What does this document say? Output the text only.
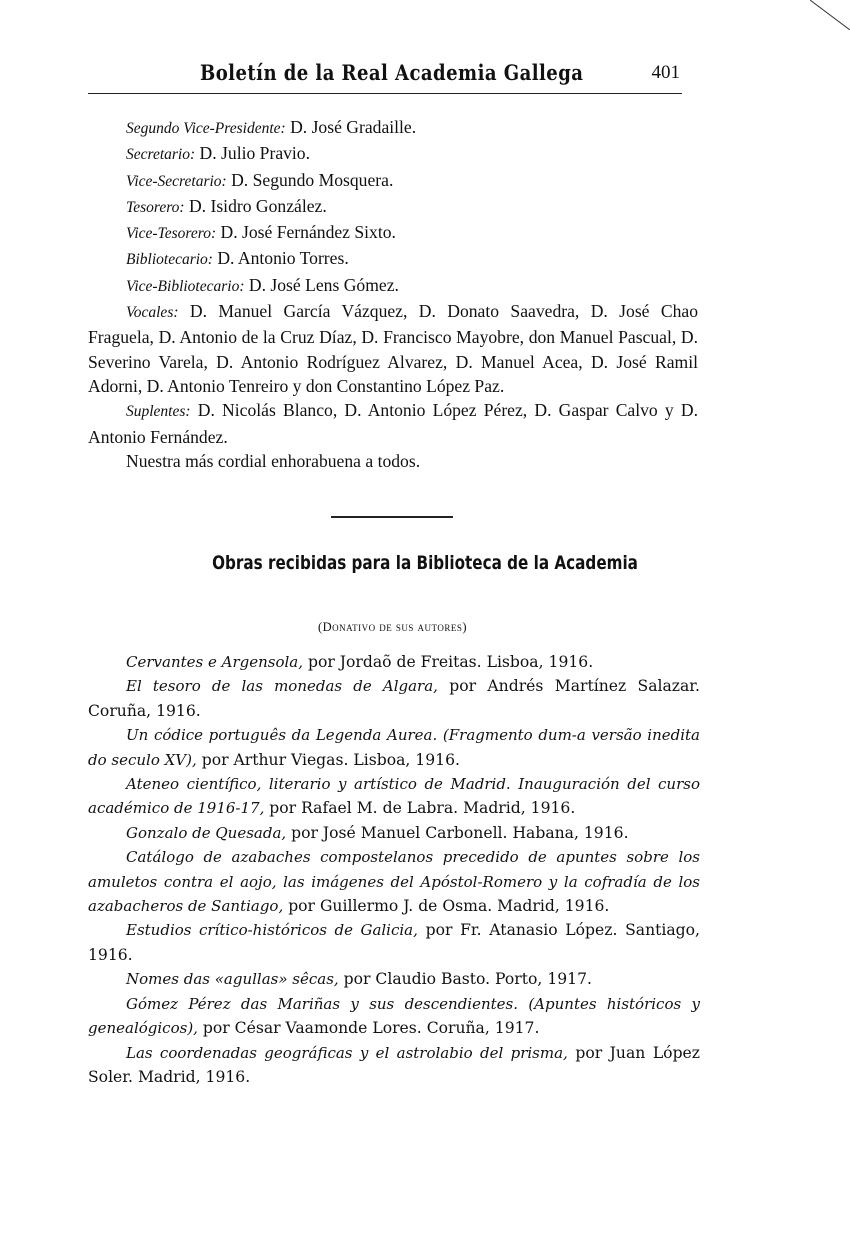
Boletín de la Real Academia Gallega	401

Segundo Vice-Presidente: D. José Gradaille.

Secretario: D. Julio Pravio.

Vice-Secretario: D. Segundo Mosquera.

Tesorero: D. Isidro González.

Vice-Tesorero: D. José Fernández Sixto.

Bibliotecario: D. Antonio Torres.

Vice-Bibliotecario: D. José Lens Gómez.

Vocales: D. Manuel García Vázquez, D. Donato Saavedra, D. José Chao Fraguela, D. Antonio de la Cruz Díaz, D. Francisco Mayobre, don Manuel Pascual, D. Severino Varela, D. Antonio Rodríguez Alvarez, D. Manuel Acea, D. José Ramil Adorni, D. Antonio Tenreiro y don Constantino López Paz.

Suplentes: D. Nicolás Blanco, D. Antonio López Pérez, D. Gaspar Calvo y D. Antonio Fernández.

Nuestra más cordial enhorabuena a todos.

Obras recibidas para la Biblioteca de la Academia
(Donativo de sus autores)

Cervantes e Argensola, por Jordaõ de Freitas. Lisboa, 1916.

El tesoro de las monedas de Algara, por Andrés Martínez Salazar. Coruña, 1916.

Un códice português da Legenda Aurea. (Fragmento dum-a versão inedita do seculo XV), por Arthur Viegas. Lisboa, 1916.

Ateneo científico, literario y artístico de Madrid. Inauguración del curso académico de 1916-17, por Rafael M. de Labra. Madrid, 1916.

Gonzalo de Quesada, por José Manuel Carbonell. Habana, 1916.

Catálogo de azabaches compostelanos precedido de apuntes sobre los amuletos contra el aojo, las imágenes del Apóstol-Romero y la cofradía de los azabacheros de Santiago, por Guillermo J. de Osma. Madrid, 1916.

Estudios crítico-históricos de Galicia, por Fr. Atanasio López. Santiago, 1916.

Nomes das «agullas» sêcas, por Claudio Basto. Porto, 1917.

Gómez Pérez das Mariñas y sus descendientes. (Apuntes históricos y genealógicos), por César Vaamonde Lores. Coruña, 1917.

Las coordenadas geográficas y el astrolabio del prisma, por Juan López Soler. Madrid, 1916.
